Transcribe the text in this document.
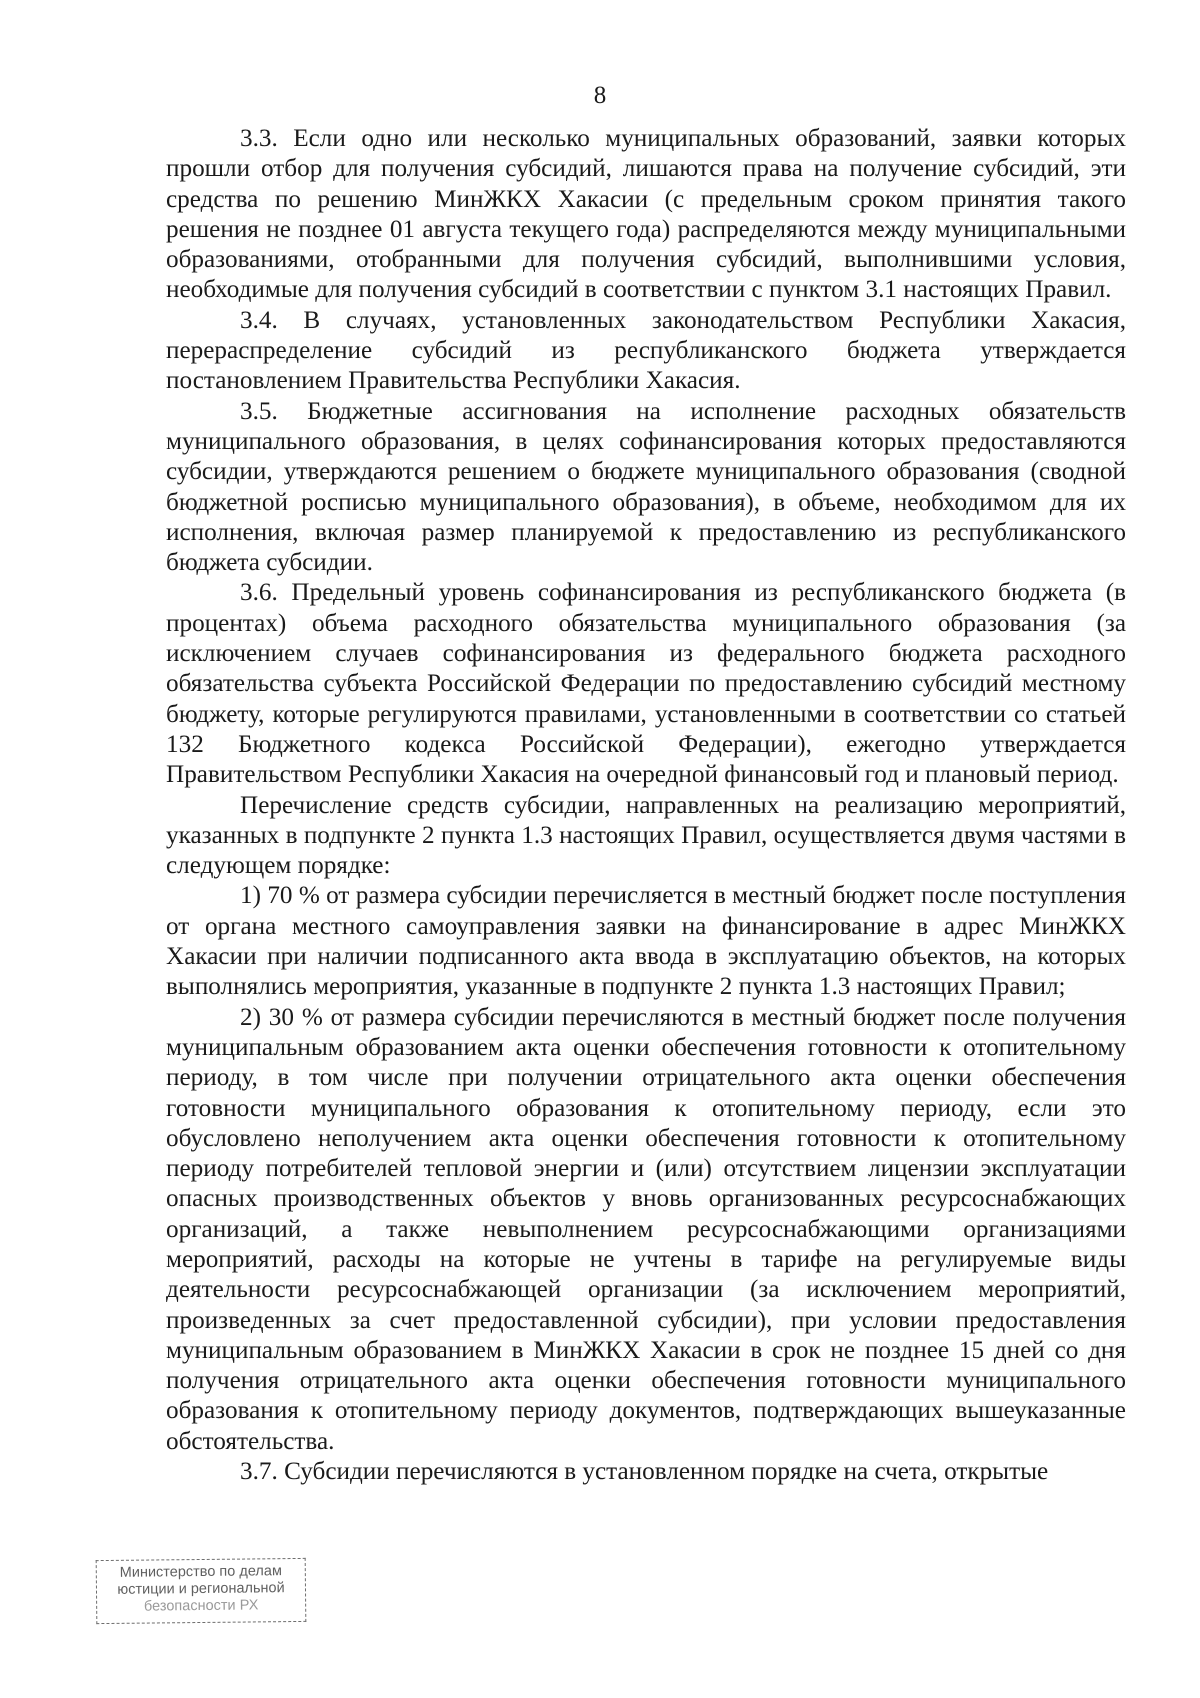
8

3.3. Если одно или несколько муниципальных образований, заявки которых прошли отбор для получения субсидий, лишаются права на получение субсидий, эти средства по решению МинЖКХ Хакасии (с предельным сроком принятия такого решения не позднее 01 августа текущего года) распределяются между муниципальными образованиями, отобранными для получения субсидий, выполнившими условия, необходимые для получения субсидий в соответствии с пунктом 3.1 настоящих Правил.

3.4. В случаях, установленных законодательством Республики Хакасия, перераспределение субсидий из республиканского бюджета утверждается постановлением Правительства Республики Хакасия.

3.5. Бюджетные ассигнования на исполнение расходных обязательств муниципального образования, в целях софинансирования которых предоставляются субсидии, утверждаются решением о бюджете муниципального образования (сводной бюджетной росписью муниципального образования), в объеме, необходимом для их исполнения, включая размер планируемой к предоставлению из республиканского бюджета субсидии.

3.6. Предельный уровень софинансирования из республиканского бюджета (в процентах) объема расходного обязательства муниципального образования (за исключением случаев софинансирования из федерального бюджета расходного обязательства субъекта Российской Федерации по предоставлению субсидий местному бюджету, которые регулируются правилами, установленными в соответствии со статьей 132 Бюджетного кодекса Российской Федерации), ежегодно утверждается Правительством Республики Хакасия на очередной финансовый год и плановый период.

Перечисление средств субсидии, направленных на реализацию мероприятий, указанных в подпункте 2 пункта 1.3 настоящих Правил, осуществляется двумя частями в следующем порядке:

1) 70 % от размера субсидии перечисляется в местный бюджет после поступления от органа местного самоуправления заявки на финансирование в адрес МинЖКХ Хакасии при наличии подписанного акта ввода в эксплуатацию объектов, на которых выполнялись мероприятия, указанные в подпункте 2 пункта 1.3 настоящих Правил;

2) 30 % от размера субсидии перечисляются в местный бюджет после получения муниципальным образованием акта оценки обеспечения готовности к отопительному периоду, в том числе при получении отрицательного акта оценки обеспечения готовности муниципального образования к отопительному периоду, если это обусловлено неполучением акта оценки обеспечения готовности к отопительному периоду потребителей тепловой энергии и (или) отсутствием лицензии эксплуатации опасных производственных объектов у вновь организованных ресурсоснабжающих организаций, а также невыполнением ресурсоснабжающими организациями мероприятий, расходы на которые не учтены в тарифе на регулируемые виды деятельности ресурсоснабжающей организации (за исключением мероприятий, произведенных за счет предоставленной субсидии), при условии предоставления муниципальным образованием в МинЖКХ Хакасии в срок не позднее 15 дней со дня получения отрицательного акта оценки обеспечения готовности муниципального образования к отопительному периоду документов, подтверждающих вышеуказанные обстоятельства.

3.7. Субсидии перечисляются в установленном порядке на счета, открытые

Министерство по делам
юстиции и региональной
безопасности РХ
